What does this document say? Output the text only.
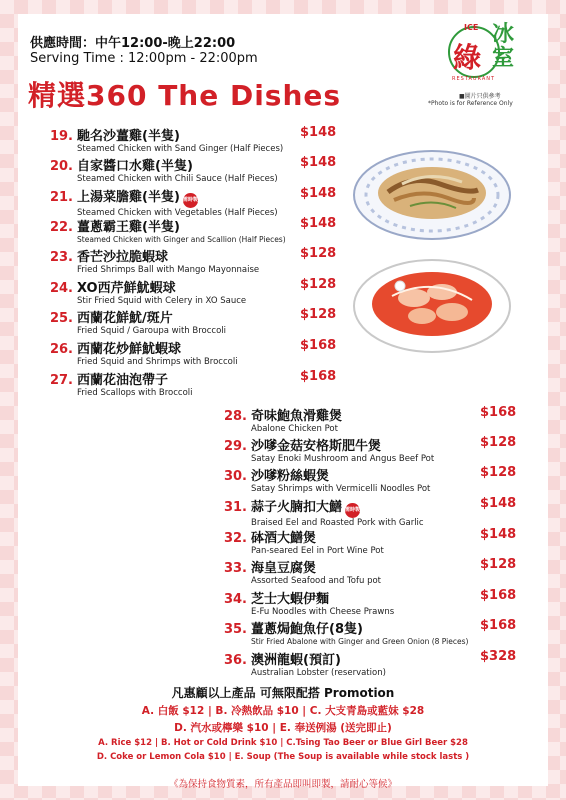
供應時間：中午12:00-晚上22:00
Serving Time : 12:00pm - 22:00pm
精選360 The Dishes
ICE
綠
冰室
RESTAURANT
■圖片只供參考
*Photo is for Reference Only
19. 馳名沙薑雞(半隻)
Steamed Chicken with Sand Ginger (Half Pieces)
$148
20. 自家醬口水雞(半隻)
Steamed Chicken with Chili Sauce (Half Pieces)
$148
21. 上湯菜膽雞(半隻) 需時製作
Steamed Chicken with Vegetables (Half Pieces)
$148
22. 薑蔥霸王雞(半隻)
Steamed Chicken with Ginger and Scallion (Half Pieces)
$148
23. 香芒沙拉脆蝦球
Fried Shrimps Ball with Mango Mayonnaise
$128
24. XO西芹鮮魷蝦球
Stir Fried Squid with Celery in XO Sauce
$128
25. 西蘭花鮮魷/斑片
Fried Squid / Garoupa with Broccoli
$128
26. 西蘭花炒鮮魷蝦球
Fried Squid and Shrimps with Broccoli
$168
27. 西蘭花油泡帶子
Fried Scallops with Broccoli
$168
28. 奇味鮑魚滑雞煲
Abalone Chicken Pot
$168
29. 沙嗲金菇安格斯肥牛煲
Satay Enoki Mushroom and Angus Beef Pot
$128
30. 沙嗲粉絲蝦煲
Satay Shrimps with Vermicelli Noodles Pot
$128
31. 蒜子火腩扣大鱔 需時製作
Braised Eel and Roasted Pork with Garlic
$148
32. 砵酒大鱔煲
Pan-seared Eel in Port Wine Pot
$148
33. 海皇豆腐煲
Assorted Seafood and Tofu pot
$128
34. 芝士大蝦伊麵
E-Fu Noodles with Cheese Prawns
$168
35. 薑蔥焗鮑魚仔(8隻)
Stir Fried Abalone with Ginger and Green Onion (8 Pieces)
$168
36. 澳洲龍蝦(預訂)
Australian Lobster (reservation)
$328
凡惠顧以上產品 可無限配搭 Promotion
A. 白飯 $12 | B. 冷熱飲品 $10 | C. 大支青島或藍妹 $28
D. 汽水或檸樂 $10 | E. 奉送例湯 (送完即止)
A. Rice $12 | B. Hot or Cold Drink $10 | C.Tsing Tao Beer or Blue Girl Beer $28
D. Coke or Lemon Cola $10 | E. Soup (The Soup is available while stock lasts )
《為保持食物質素，所有產品即叫即製，請耐心等候》
